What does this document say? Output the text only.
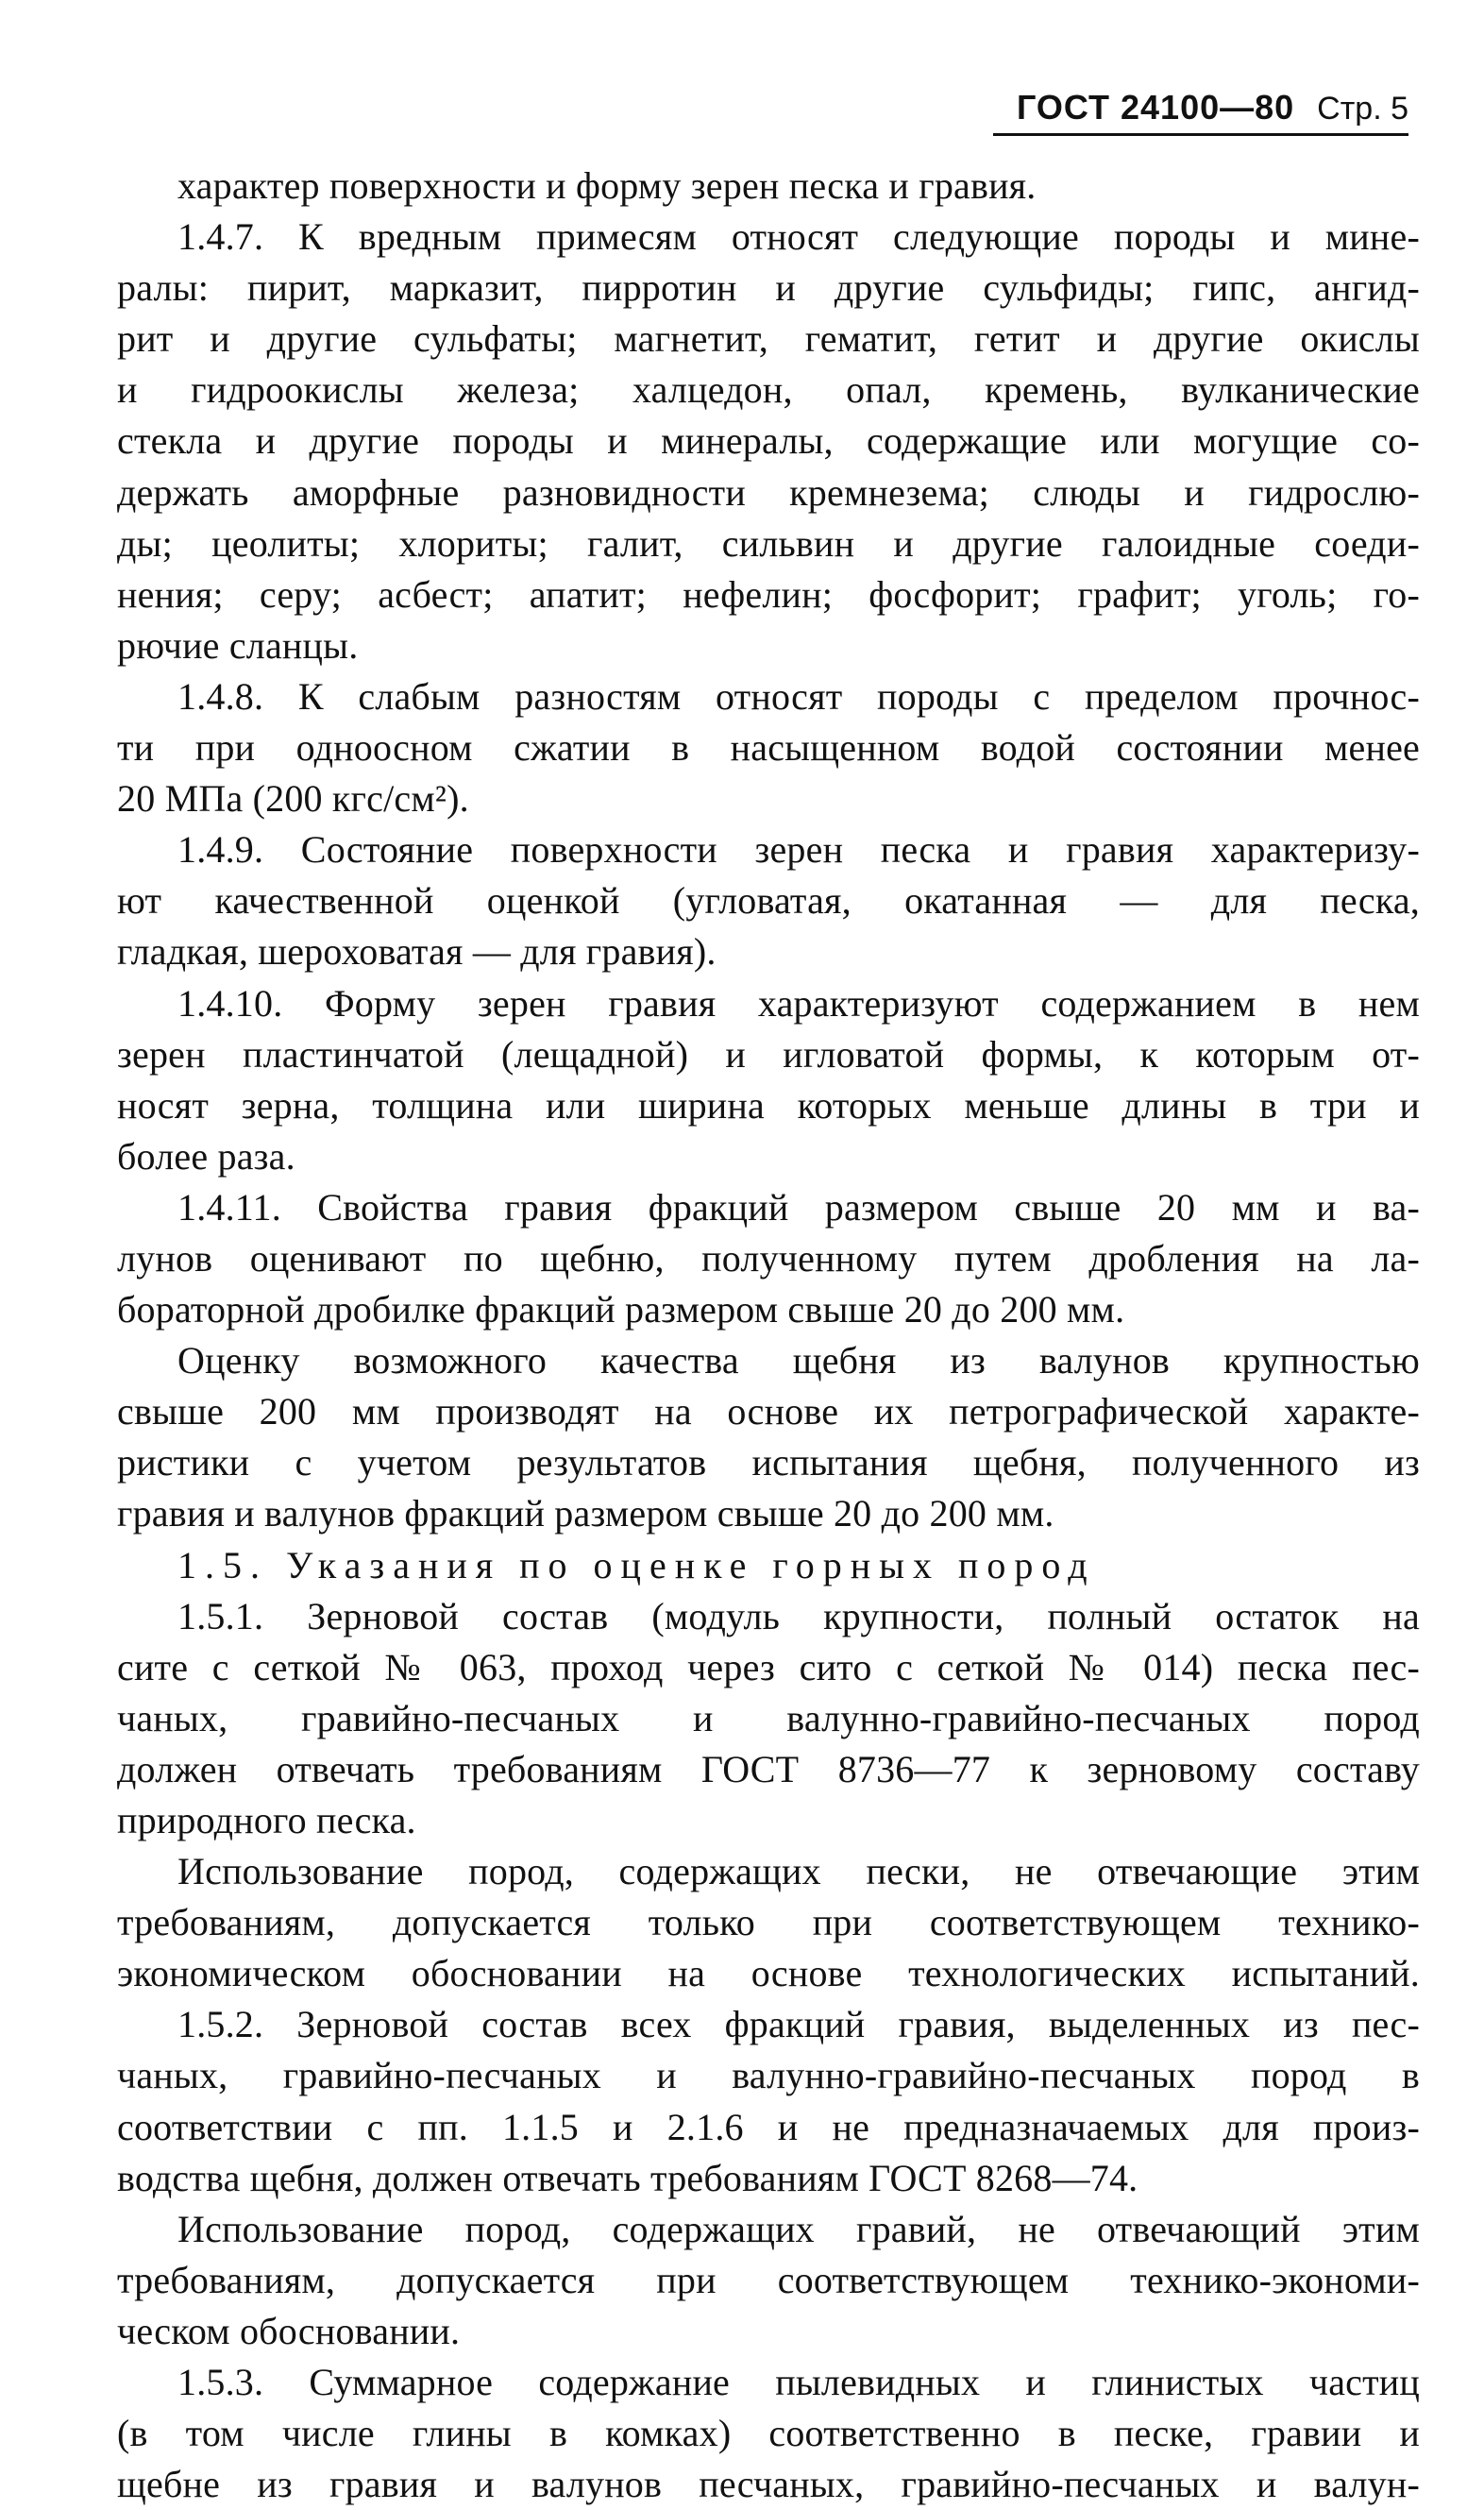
ГОСТ 24100—80 Стр. 5
характер поверхности и форму зерен песка и гравия.
1.4.7. К вредным примесям относят следующие породы и мине-
ралы: пирит, марказит, пирротин и другие сульфиды; гипс, ангид-
рит и другие сульфаты; магнетит, гематит, гетит и другие окислы
и гидроокислы железа; халцедон, опал, кремень, вулканические
стекла и другие породы и минералы, содержащие или могущие со-
держать аморфные разновидности кремнезема; слюды и гидрослю-
ды; цеолиты; хлориты; галит, сильвин и другие галоидные соеди-
нения; серу; асбест; апатит; нефелин; фосфорит; графит; уголь; го-
рючие сланцы.
1.4.8. К слабым разностям относят породы с пределом прочнос-
ти при одноосном сжатии в насыщенном водой состоянии менее
20 МПа (200 кгс/см²).
1.4.9. Состояние поверхности зерен песка и гравия характеризу-
ют качественной оценкой (угловатая, окатанная — для песка,
гладкая, шероховатая — для гравия).
1.4.10. Форму зерен гравия характеризуют содержанием в нем
зерен пластинчатой (лещадной) и игловатой формы, к которым от-
носят зерна, толщина или ширина которых меньше длины в три и
более раза.
1.4.11. Свойства гравия фракций размером свыше 20 мм и ва-
лунов оценивают по щебню, полученному путем дробления на ла-
бораторной дробилке фракций размером свыше 20 до 200 мм.
Оценку возможного качества щебня из валунов крупностью
свыше 200 мм производят на основе их петрографической характе-
ристики с учетом результатов испытания щебня, полученного из
гравия и валунов фракций размером свыше 20 до 200 мм.
1.5. Указания по оценке горных пород
1.5.1. Зерновой состав (модуль крупности, полный остаток на
сите с сеткой № 063, проход через сито с сеткой № 014) песка пес-
чаных, гравийно-песчаных и валунно-гравийно-песчаных пород
должен отвечать требованиям ГОСТ 8736—77 к зерновому составу
природного песка.
Использование пород, содержащих пески, не отвечающие этим
требованиям, допускается только при соответствующем технико-
экономическом обосновании на основе технологических испытаний.
1.5.2. Зерновой состав всех фракций гравия, выделенных из пес-
чаных, гравийно-песчаных и валунно-гравийно-песчаных пород в
соответствии с пп. 1.1.5 и 2.1.6 и не предназначаемых для произ-
водства щебня, должен отвечать требованиям ГОСТ 8268—74.
Использование пород, содержащих гравий, не отвечающий этим
требованиям, допускается при соответствующем технико-экономи-
ческом обосновании.
1.5.3. Суммарное содержание пылевидных и глинистых частиц
(в том числе глины в комках) соответственно в песке, гравии и
щебне из гравия и валунов песчаных, гравийно-песчаных и валун-
